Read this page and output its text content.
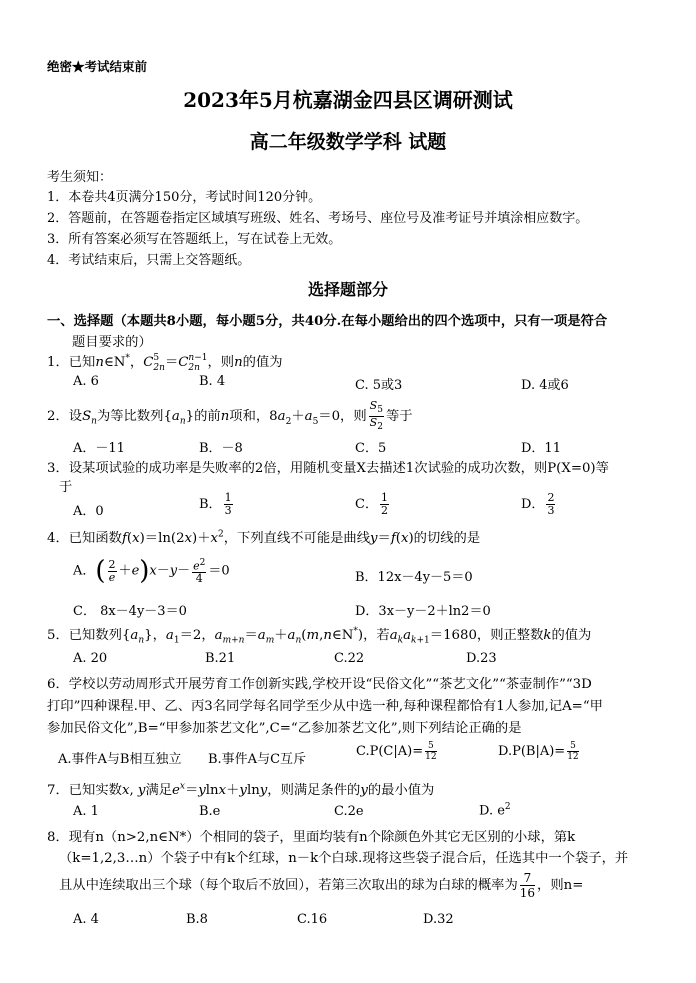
绝密★考试结束前
2023年5月杭嘉湖金四县区调研测试
高二年级数学学科 试题
考生须知：
1．本卷共4页满分150分，考试时间120分钟。
2．答题前，在答题卷指定区域填写班级、姓名、考场号、座位号及准考证号并填涂相应数字。
3．所有答案必须写在答题纸上，写在试卷上无效。
4．考试结束后，只需上交答题纸。
选择题部分
一、选择题（本题共8小题，每小题5分，共40分.在每小题给出的四个选项中，只有一项是符合
题目要求的）
1．已知n∈N*，C5
2n＝Cn−1
2n ，则n的值为
A. 6	B. 4	C. 5或3	D. 4或6
2．设$S_n$为等比数列$\{a_n\}$的前n项和，$8a_2+a_5=0$，则 $\frac{S_5}{S_2}$ 等于
A．－11	B．－8	C．5	D．11
3．设某项试验的成功率是失败率的2倍，用随机变量X去描述1次试验的成功次数，则P(X=0)等
于
A．0	B． $\frac{1}{3}$	C． $\frac{1}{2}$	D． $\frac{2}{3}$
4．已知函数$f(x)=\ln(2x)+x^2$，下列直线不可能是曲线y＝f(x)的切线的是
A．( $\frac{2}{e} +e)x-y- \frac{e^2}{4} =0$	B．12x－4y－5＝0
C． 8x－4y－3＝0	D．3x－y－2＋ln2＝0
5．已知数列$\{a_n\}$，$a_1=2$，$a_{m+n}=a_m+a_n(m,n\in N^*)$，若$a_ka_{k+1}=1680$，则正整数k的值为
A. 20	B.21	C.22	D.23
6．学校以劳动周形式开展劳育工作创新实践,学校开设“民俗文化”“茶艺文化”“茶壶制作”“3D
打印”四种课程.甲、乙、丙3名同学每名同学至少从中选一种,每种课程都恰有1人参加,记A=“甲
参加民俗文化”,B=“甲参加茶艺文化”,C=“乙参加茶艺文化”,则下列结论正确的是
A.事件A与B相互独立 B.事件A与C互斥
$C.P(C|A)= \frac{5}{12}$	$D.P(B|A)= \frac{5}{12}$
7．已知实数x, y满足$e^x=ylnx+ylny$，则满足条件的y的最小值为
A. 1	B.e	C.2e	D. $e^2$
8．现有n（n>2,n∈N*）个相同的袋子，里面均装有n个除颜色外其它无区别的小球，第k
（k=1,2,3…n）个袋子中有k个红球，n－k个白球.现将这些袋子混合后，任选其中一个袋子，并
且从中连续取出三个球（每个取后不放回），若第三次取出的球为白球的概率为 $\frac{7}{16}$ ，则n=
A. 4	B.8	C.16	D.32
